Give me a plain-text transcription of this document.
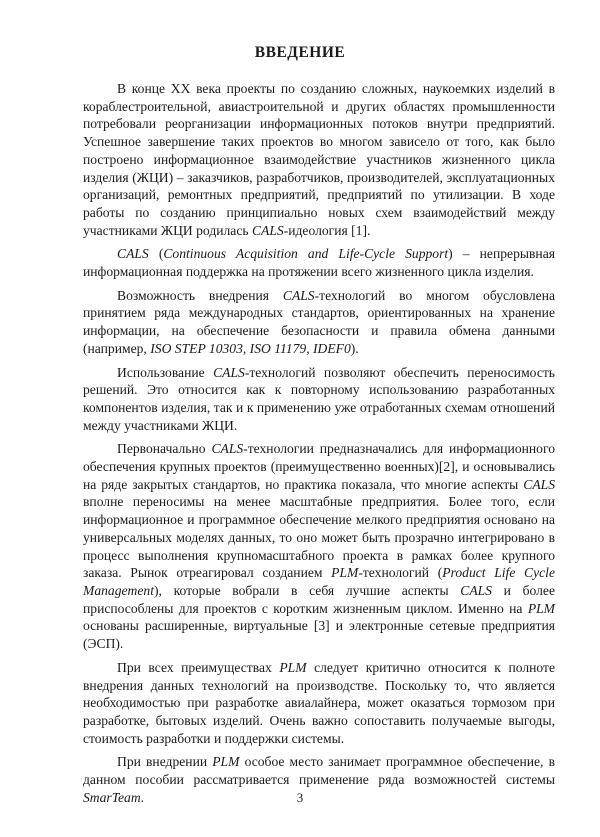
ВВЕДЕНИЕ

В конце XX века проекты по созданию сложных, наукоемких изделий в кораблестроительной, авиастроительной и других областях промышленности потребовали реорганизации информационных потоков внутри предприятий. Успешное завершение таких проектов во многом зависело от того, как было построено информационное взаимодействие участников жизненного цикла изделия (ЖЦИ) – заказчиков, разработчиков, производителей, эксплуатационных организаций, ремонтных предприятий, предприятий по утилизации. В ходе работы по созданию принципиально новых схем взаимодействий между участниками ЖЦИ родилась CALS-идеология [1].

CALS (Continuous Acquisition and Life-Cycle Support) – непрерывная информационная поддержка на протяжении всего жизненного цикла изделия.

Возможность внедрения CALS-технологий во многом обусловлена принятием ряда международных стандартов, ориентированных на хранение информации, на обеспечение безопасности и правила обмена данными (например, ISO STEP 10303, ISO 11179, IDEF0).

Использование CALS-технологий позволяют обеспечить переносимость решений. Это относится как к повторному использованию разработанных компонентов изделия, так и к применению уже отработанных схемам отношений между участниками ЖЦИ.

Первоначально CALS-технологии предназначались для информационного обеспечения крупных проектов (преимущественно военных)[2], и основывались на ряде закрытых стандартов, но практика показала, что многие аспекты CALS вполне переносимы на менее масштабные предприятия. Более того, если информационное и программное обеспечение мелкого предприятия основано на универсальных моделях данных, то оно может быть прозрачно интегрировано в процесс выполнения крупномасштабного проекта в рамках более крупного заказа. Рынок отреагировал созданием PLM-технологий (Product Life Cycle Management), которые вобрали в себя лучшие аспекты CALS и более приспособлены для проектов с коротким жизненным циклом. Именно на PLM основаны расширенные, виртуальные [3] и электронные сетевые предприятия (ЭСП).

При всех преимуществах PLM следует критично относится к полноте внедрения данных технологий на производстве. Поскольку то, что является необходимостью при разработке авиалайнера, может оказаться тормозом при разработке, бытовых изделий. Очень важно сопоставить получаемые выгоды, стоимость разработки и поддержки системы.

При внедрении PLM особое место занимает программное обеспечение, в данном пособии рассматривается применение ряда возможностей системы SmarTeam.	3
